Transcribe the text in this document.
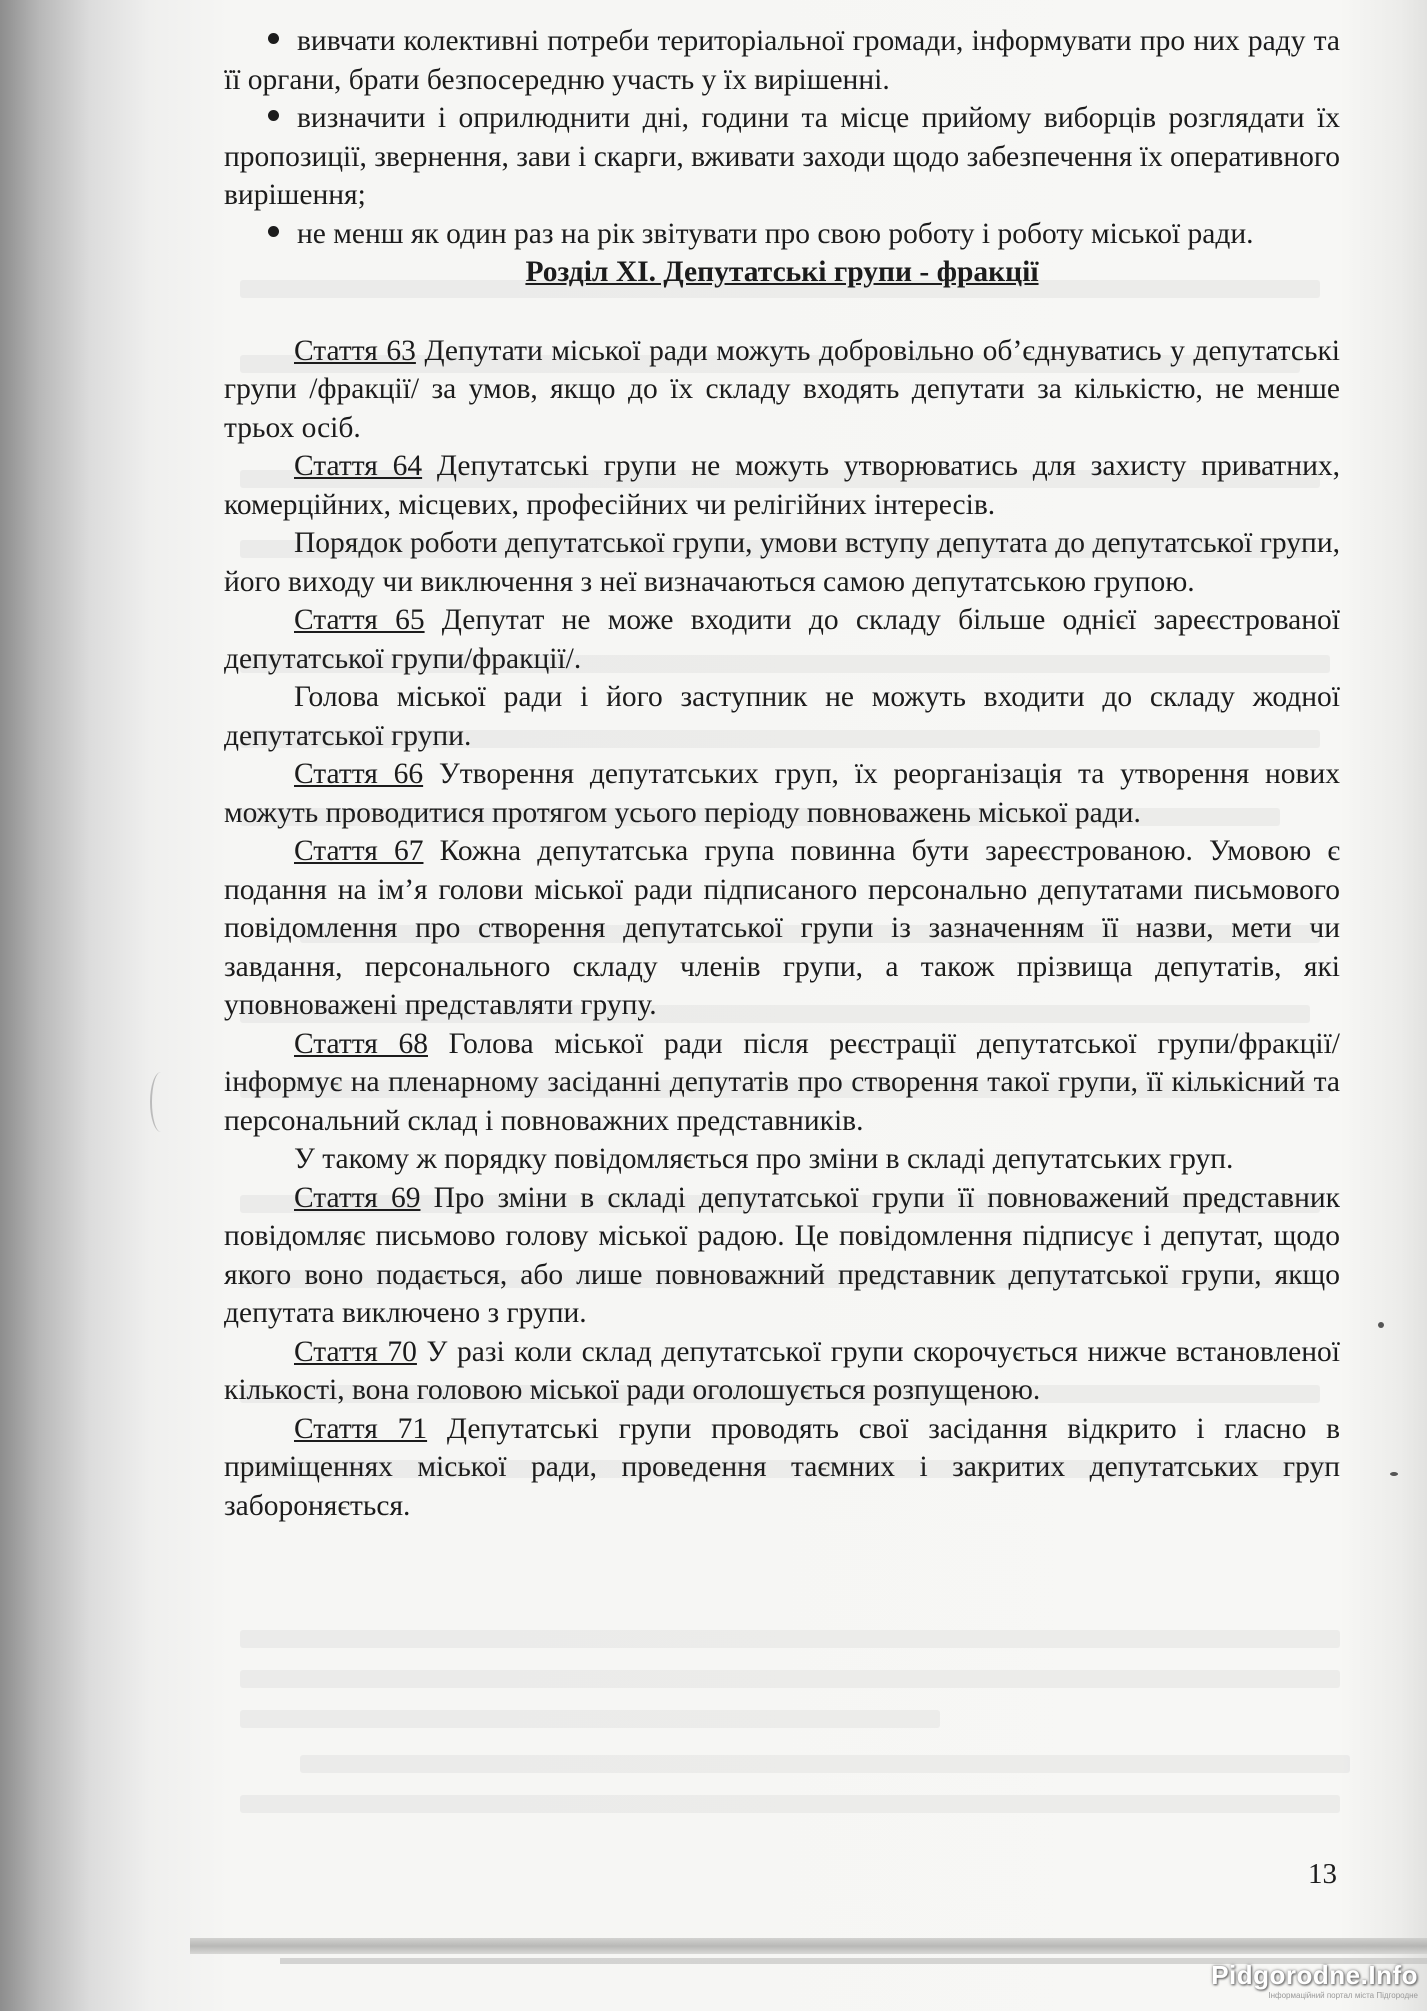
вивчати колективні потреби територіальної громади, інформувати про них раду та її органи, брати безпосередню участь у їх вирішенні.

визначити і оприлюднити дні, години та місце прийому виборців розглядати їх пропозиції, звернення, зави і скарги, вживати заходи щодо забезпечення їх оперативного вирішення;

не менш як один раз на рік звітувати про свою роботу і роботу міської ради.

Розділ XI. Депутатські групи - фракції

Стаття 63 Депутати міської ради можуть добровільно об’єднуватись у депутатські групи /фракції/ за умов, якщо до їх складу входять депутати за кількістю, не менше трьох осіб.

Стаття 64 Депутатські групи не можуть утворюватись для захисту приватних, комерційних, місцевих, професійних чи релігійних інтересів.

Порядок роботи депутатської групи, умови вступу депутата до депутатської групи, його виходу чи виключення з неї визначаються самою депутатською групою.

Стаття 65 Депутат не може входити до складу більше однієї зареєстрованої депутатської групи/фракції/.

Голова міської ради і його заступник не можуть входити до складу жодної депутатської групи.

Стаття 66 Утворення депутатських груп, їх реорганізація та утворення нових можуть проводитися протягом усього періоду повноважень міської ради.

Стаття 67 Кожна депутатська група повинна бути зареєстрованою. Умовою є подання на ім’я голови міської ради підписаного персонально депутатами письмового повідомлення про створення депутатської групи із зазначенням її назви, мети чи завдання, персонального складу членів групи, а також прізвища депутатів, які уповноважені представляти групу.

Стаття 68 Голова міської ради після реєстрації депутатської групи/фракції/ інформує на пленарному засіданні депутатів про створення такої групи, її кількісний та персональний склад і повноважних представників.

У такому ж порядку повідомляється про зміни в складі депутатських груп.

Стаття 69 Про зміни в складі депутатської групи її повноважений представник повідомляє письмово голову міської радою. Це повідомлення підписує і депутат, щодо якого воно подається, або лише повноважний представник депутатської групи, якщо депутата виключено з групи.

Стаття 70 У разі коли склад депутатської групи скорочується нижче встановленої кількості, вона головою міської ради оголошується розпущеною.

Стаття 71 Депутатські групи проводять свої засідання відкрито і гласно в приміщеннях міської ради, проведення таємних і закритих депутатських груп забороняється.

13
Pidgorodne.Info
Інформаційний портал міста Підгородне
